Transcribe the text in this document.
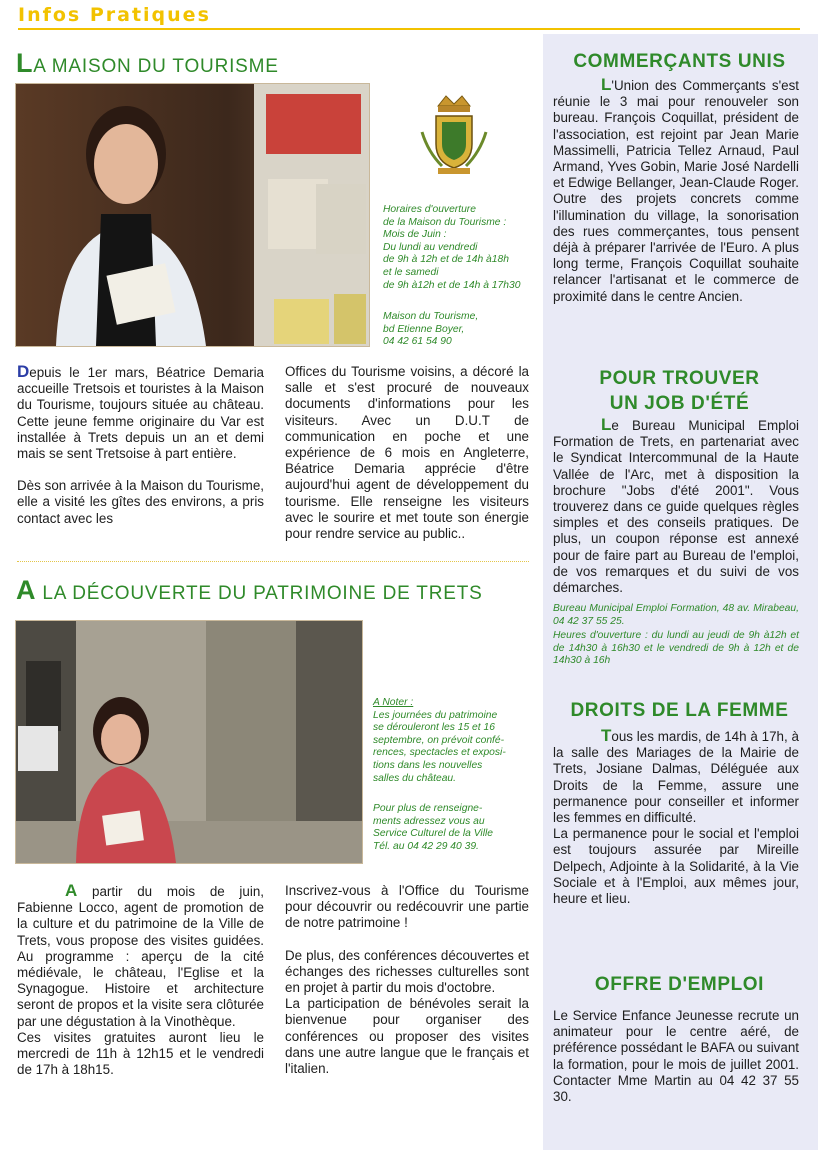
Infos Pratiques
LA MAISON DU TOURISME
Horaires d'ouverture
de la Maison du Tourisme :
Mois de Juin :
Du lundi au vendredi
de 9h à 12h et de 14h à18h
et le samedi
de 9h à12h et de 14h à 17h30
Maison du Tourisme,
bd Etienne Boyer,
04 42 61 54 90

Depuis le 1er mars, Béatrice Demaria accueille Tretsois et touristes à la Maison du Tourisme, toujours située au château. Cette jeune femme originaire du Var est installée à Trets depuis un an et demi mais se sent Tretsoise à part entière.

Dès son arrivée à la Maison du Tourisme, elle a visité les gîtes des environs, a pris contact avec les

Offices du Tourisme voisins, a décoré la salle et s'est procuré de nouveaux documents d'informations pour les visiteurs. Avec un D.U.T de communication en poche et une expérience de 6 mois en Angleterre, Béatrice Demaria apprécie d'être aujourd'hui agent de développement du tourisme. Elle renseigne les visiteurs avec le sourire et met toute son énergie pour rendre service au public..

A LA DÉCOUVERTE DU PATRIMOINE DE TRETS
A Noter :
Les journées du patrimoine
se dérouleront les 15 et 16
septembre, on prévoit confé-
rences, spectacles et exposi-
tions dans les nouvelles
salles du château.
Pour plus de renseigne-
ments adressez vous au
Service Culturel de la Ville
Tél. au 04 42 29 40 39.

A partir du mois de juin, Fabienne Locco, agent de promotion de la culture et du patrimoine de la Ville de Trets, vous propose des visites guidées. Au programme : aperçu de la cité médiévale, le château, l'Eglise et la Synagogue. Histoire et architecture seront de propos et la visite sera clôturée par une dégustation à la Vinothèque.

Ces visites gratuites auront lieu le mercredi de 11h à 12h15 et le vendredi de 17h à 18h15.

Inscrivez-vous à l'Office du Tourisme pour découvrir ou redécouvrir une partie de notre patrimoine !

De plus, des conférences découvertes et échanges des richesses culturelles sont en projet à partir du mois d'octobre.

La participation de bénévoles serait la bienvenue pour organiser des conférences ou proposer des visites dans une autre langue que le français et l'italien.

COMMERÇANTS UNIS

L'Union des Commerçants s'est réunie le 3 mai pour renouveler son bureau. François Coquillat, président de l'association, est rejoint par Jean Marie Massimelli, Patricia Tellez Arnaud, Paul Armand, Yves Gobin, Marie José Nardelli et Edwige Bellanger, Jean-Claude Roger. Outre des projets concrets comme l'illumination du village, la sonorisation des rues commerçantes, tous pensent déjà à préparer l'arrivée de l'Euro. A plus long terme, François Coquillat souhaite relancer l'artisanat et le commerce de proximité dans le centre Ancien.

POUR TROUVER
UN JOB D'ÉTÉ

Le Bureau Municipal Emploi Formation de Trets, en partenariat avec le Syndicat Intercommunal de la Haute Vallée de l'Arc, met à disposition la brochure "Jobs d'été 2001". Vous trouverez dans ce guide quelques règles simples et des conseils pratiques. De plus, un coupon réponse est annexé pour de faire part au Bureau de l'emploi, de vos remarques et du suivi de vos démarches.

Bureau Municipal Emploi Formation, 48 av. Mirabeau, 04 42 37 55 25.
Heures d'ouverture : du lundi au jeudi de 9h à12h et de 14h30 à 16h30 et le vendredi de 9h à 12h et de 14h30 à 16h
DROITS DE LA FEMME

Tous les mardis, de 14h à 17h, à la salle des Mariages de la Mairie de Trets, Josiane Dalmas, Déléguée aux Droits de la Femme, assure une permanence pour conseiller et informer les femmes en difficulté.

La permanence pour le social et l'emploi est toujours assurée par Mireille Delpech, Adjointe à la Solidarité, à la Vie Sociale et à l'Emploi, aux mêmes jour, heure et lieu.

OFFRE D'EMPLOI

Le Service Enfance Jeunesse recrute un animateur pour le centre aéré, de préférence possédant le BAFA ou suivant la formation, pour le mois de juillet 2001. Contacter Mme Martin au 04 42 37 55 30.
